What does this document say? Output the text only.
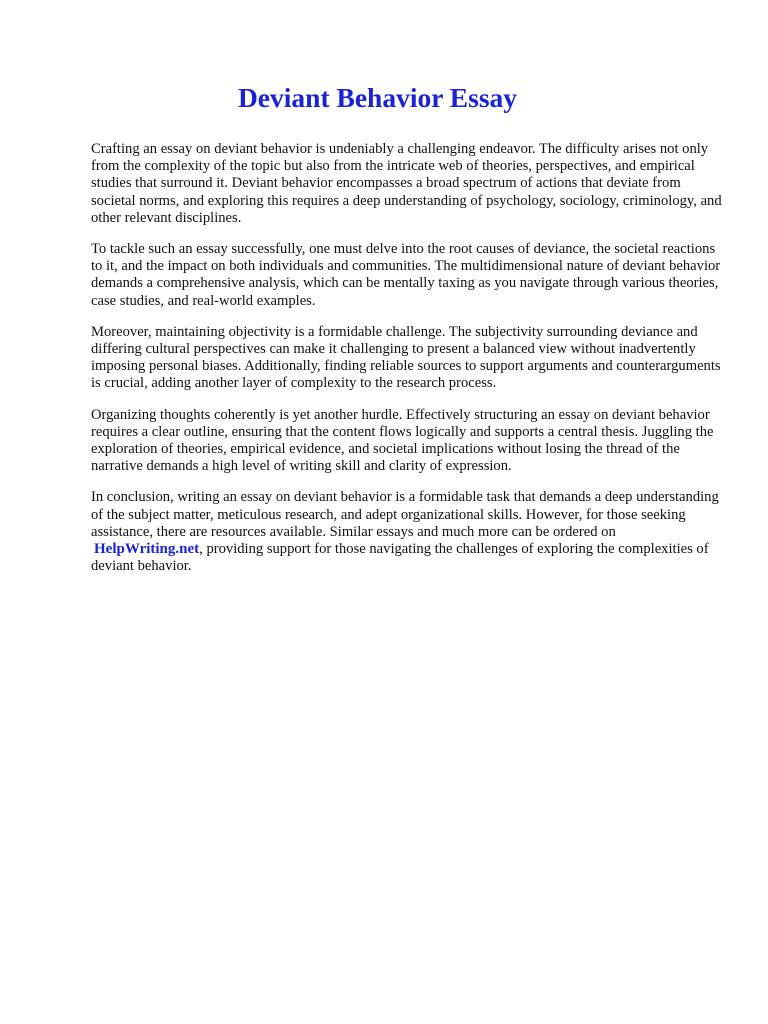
Deviant Behavior Essay

Crafting an essay on deviant behavior is undeniably a challenging endeavor. The difficulty arises not only from the complexity of the topic but also from the intricate web of theories, perspectives, and empirical studies that surround it. Deviant behavior encompasses a broad spectrum of actions that deviate from societal norms, and exploring this requires a deep understanding of psychology, sociology, criminology, and other relevant disciplines.

To tackle such an essay successfully, one must delve into the root causes of deviance, the societal reactions to it, and the impact on both individuals and communities. The multidimensional nature of deviant behavior demands a comprehensive analysis, which can be mentally taxing as you navigate through various theories, case studies, and real-world examples.

Moreover, maintaining objectivity is a formidable challenge. The subjectivity surrounding deviance and differing cultural perspectives can make it challenging to present a balanced view without inadvertently imposing personal biases. Additionally, finding reliable sources to support arguments and counterarguments is crucial, adding another layer of complexity to the research process.

Organizing thoughts coherently is yet another hurdle. Effectively structuring an essay on deviant behavior requires a clear outline, ensuring that the content flows logically and supports a central thesis. Juggling the exploration of theories, empirical evidence, and societal implications without losing the thread of the narrative demands a high level of writing skill and clarity of expression.

In conclusion, writing an essay on deviant behavior is a formidable task that demands a deep understanding of the subject matter, meticulous research, and adept organizational skills. However, for those seeking assistance, there are resources available. Similar essays and much more can be ordered on HelpWriting.net, providing support for those navigating the challenges of exploring the complexities of deviant behavior.
